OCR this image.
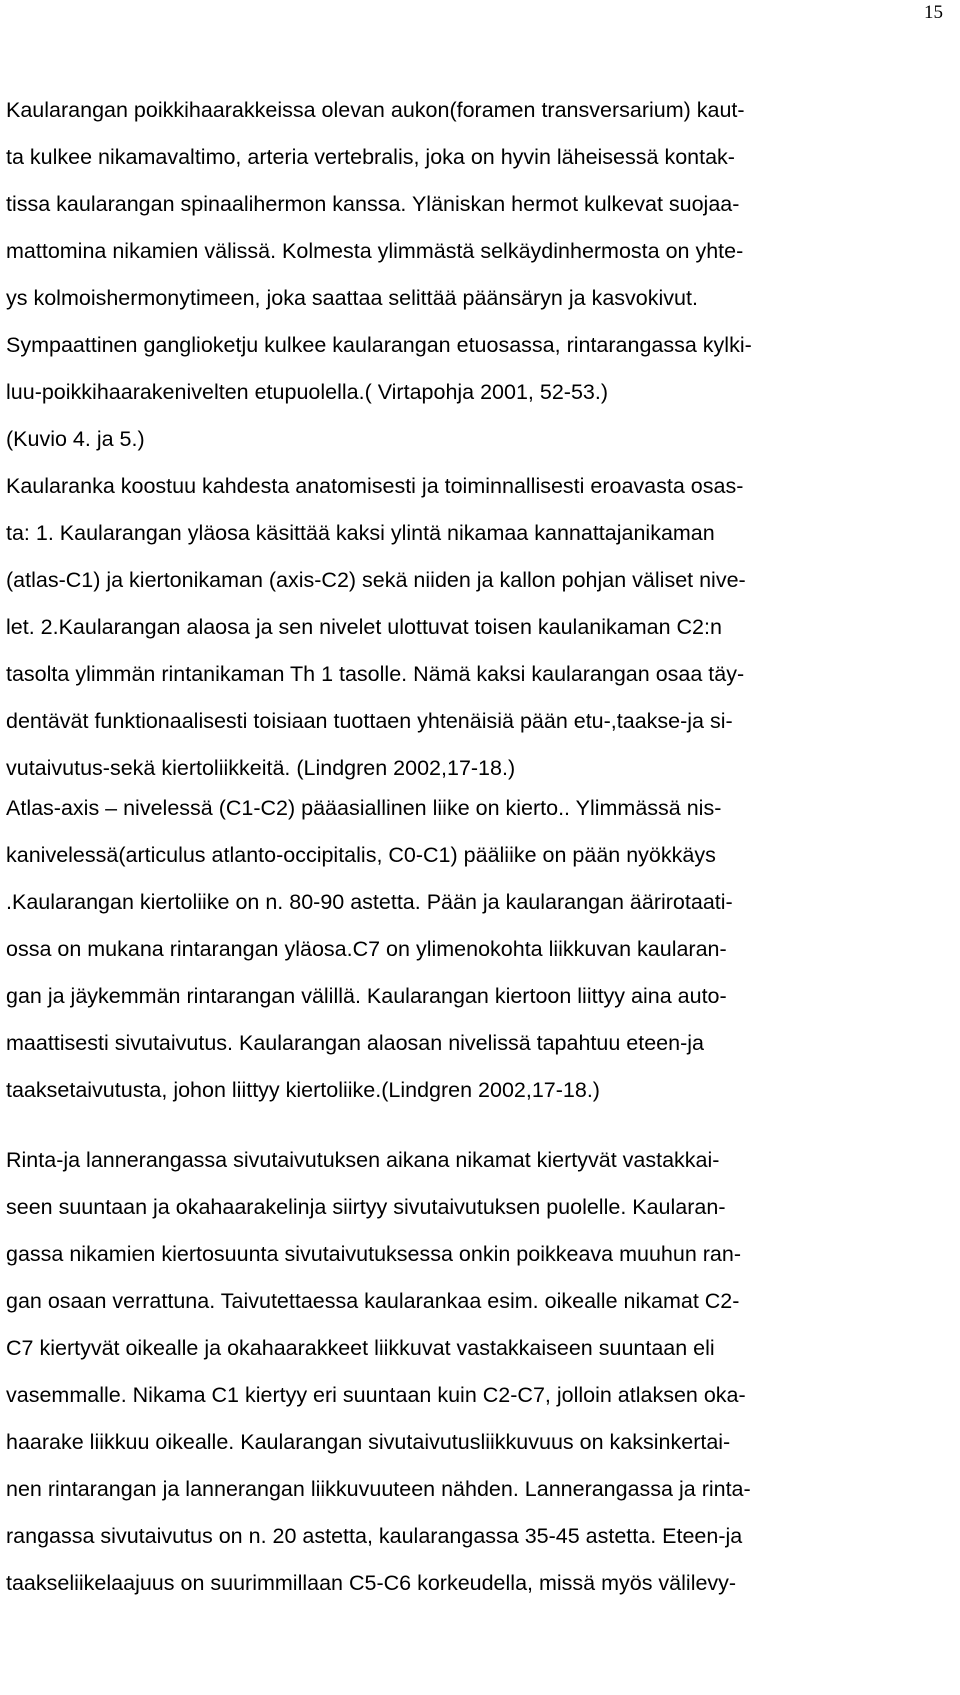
15
Kaularangan poikkihaarakkeissa olevan aukon(foramen transversarium) kaut-
ta kulkee nikamavaltimo, arteria vertebralis, joka on hyvin läheisessä kontak-
tissa kaularangan spinaalihermon kanssa. Yläniskan hermot kulkevat suojaa-
mattomina nikamien välissä. Kolmesta ylimmästä selkäydinhermosta on yhte-
ys kolmoishermonytimeen, joka saattaa selittää päänsäryn ja kasvokivut.
Sympaattinen ganglioketju kulkee kaularangan etuosassa, rintarangassa kylki-
luu-poikkihaarakenivelten etupuolella.( Virtapohja 2001, 52-53.)
(Kuvio 4. ja 5.)
Kaularanka koostuu kahdesta anatomisesti ja toiminnallisesti eroavasta osas-
ta: 1. Kaularangan yläosa käsittää kaksi ylintä nikamaa kannattajanikaman
(atlas-C1) ja kiertonikaman (axis-C2) sekä niiden ja kallon pohjan väliset nive-
let. 2.Kaularangan alaosa ja sen nivelet ulottuvat toisen kaulanikaman C2:n
tasolta ylimmän rintanikaman Th 1 tasolle. Nämä kaksi kaularangan osaa täy-
dentävät funktionaalisesti toisiaan tuottaen yhtenäisiä pään etu-,taakse-ja si-
vutaivutus-sekä kiertoliikkeitä. (Lindgren 2002,17-18.)
Atlas-axis – nivelessä (C1-C2) pääasiallinen liike on kierto.. Ylimmässä nis-
kanivelessä(articulus atlanto-occipitalis, C0-C1) pääliike on pään nyökkäys
.Kaularangan kiertoliike on n. 80-90 astetta. Pään ja kaularangan äärirotaati-
ossa on mukana rintarangan yläosa.C7 on ylimenokohta liikkuvan kaularan-
gan ja jäykemmän rintarangan välillä. Kaularangan kiertoon liittyy aina auto-
maattisesti sivutaivutus. Kaularangan alaosan nivelissä tapahtuu eteen-ja
taaksetaivutusta, johon liittyy kiertoliike.(Lindgren 2002,17-18.)
Rinta-ja lannerangassa sivutaivutuksen aikana nikamat kiertyvät vastakkai-
seen suuntaan ja okahaarakelinja siirtyy sivutaivutuksen puolelle. Kaularan-
gassa nikamien kiertosuunta sivutaivutuksessa onkin poikkeava muuhun ran-
gan osaan verrattuna. Taivutettaessa kaularankaa esim. oikealle nikamat C2-
C7 kiertyvät oikealle ja okahaarakkeet liikkuvat vastakkaiseen suuntaan eli
vasemmalle. Nikama C1 kiertyy eri suuntaan kuin C2-C7, jolloin atlaksen oka-
haarake liikkuu oikealle. Kaularangan sivutaivutusliikkuvuus on kaksinkertai-
nen rintarangan ja lannerangan liikkuvuuteen nähden. Lannerangassa ja rinta-
rangassa sivutaivutus on n. 20 astetta, kaularangassa 35-45 astetta. Eteen-ja
taakseliikelaajuus on suurimmillaan C5-C6 korkeudella, missä myös välilevy-
